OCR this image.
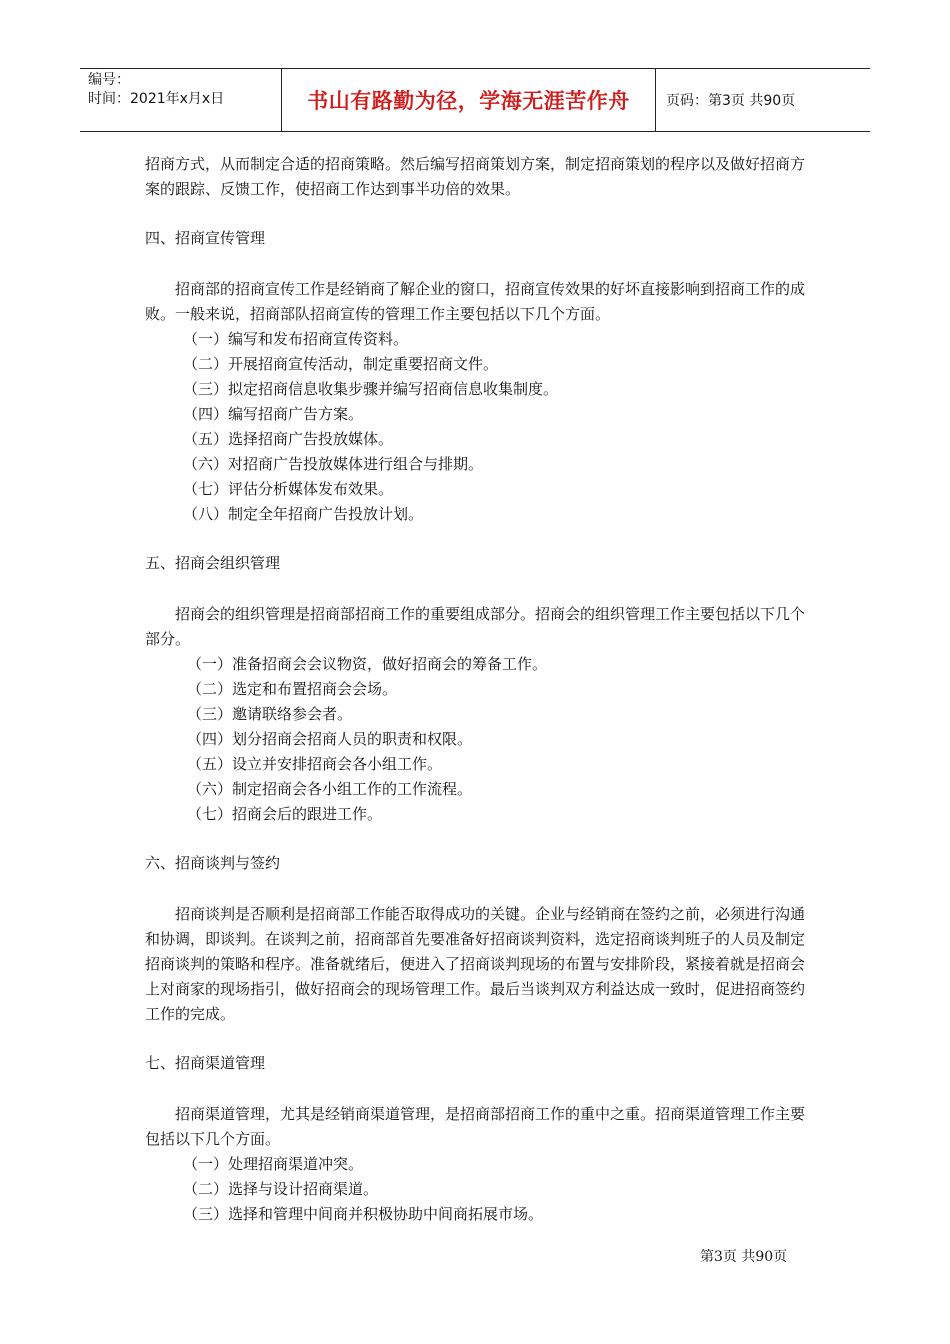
编号：
时间：2021年x月x日	书山有路勤为径，学海无涯苦作舟	页码：第3页 共90页

招商方式，从而制定合适的招商策略。然后编写招商策划方案，制定招商策划的程序以及做好招商方案的跟踪、反馈工作，使招商工作达到事半功倍的效果。

四、招商宣传管理

招商部的招商宣传工作是经销商了解企业的窗口，招商宣传效果的好坏直接影响到招商工作的成败。一般来说，招商部队招商宣传的管理工作主要包括以下几个方面。

（一）编写和发布招商宣传资料。

（二）开展招商宣传活动，制定重要招商文件。

（三）拟定招商信息收集步骤并编写招商信息收集制度。

（四）编写招商广告方案。

（五）选择招商广告投放媒体。

（六）对招商广告投放媒体进行组合与排期。

（七）评估分析媒体发布效果。

（八）制定全年招商广告投放计划。

五、招商会组织管理

招商会的组织管理是招商部招商工作的重要组成部分。招商会的组织管理工作主要包括以下几个部分。

（一）准备招商会会议物资，做好招商会的筹备工作。

（二）选定和布置招商会会场。

（三）邀请联络参会者。

（四）划分招商会招商人员的职责和权限。

（五）设立并安排招商会各小组工作。

（六）制定招商会各小组工作的工作流程。

（七）招商会后的跟进工作。

六、招商谈判与签约

招商谈判是否顺利是招商部工作能否取得成功的关键。企业与经销商在签约之前，必须进行沟通和协调，即谈判。在谈判之前，招商部首先要准备好招商谈判资料，选定招商谈判班子的人员及制定招商谈判的策略和程序。准备就绪后，便进入了招商谈判现场的布置与安排阶段，紧接着就是招商会上对商家的现场指引，做好招商会的现场管理工作。最后当谈判双方利益达成一致时，促进招商签约工作的完成。

七、招商渠道管理

招商渠道管理，尤其是经销商渠道管理，是招商部招商工作的重中之重。招商渠道管理工作主要包括以下几个方面。

（一）处理招商渠道冲突。

（二）选择与设计招商渠道。

（三）选择和管理中间商并积极协助中间商拓展市场。

第3页 共90页
